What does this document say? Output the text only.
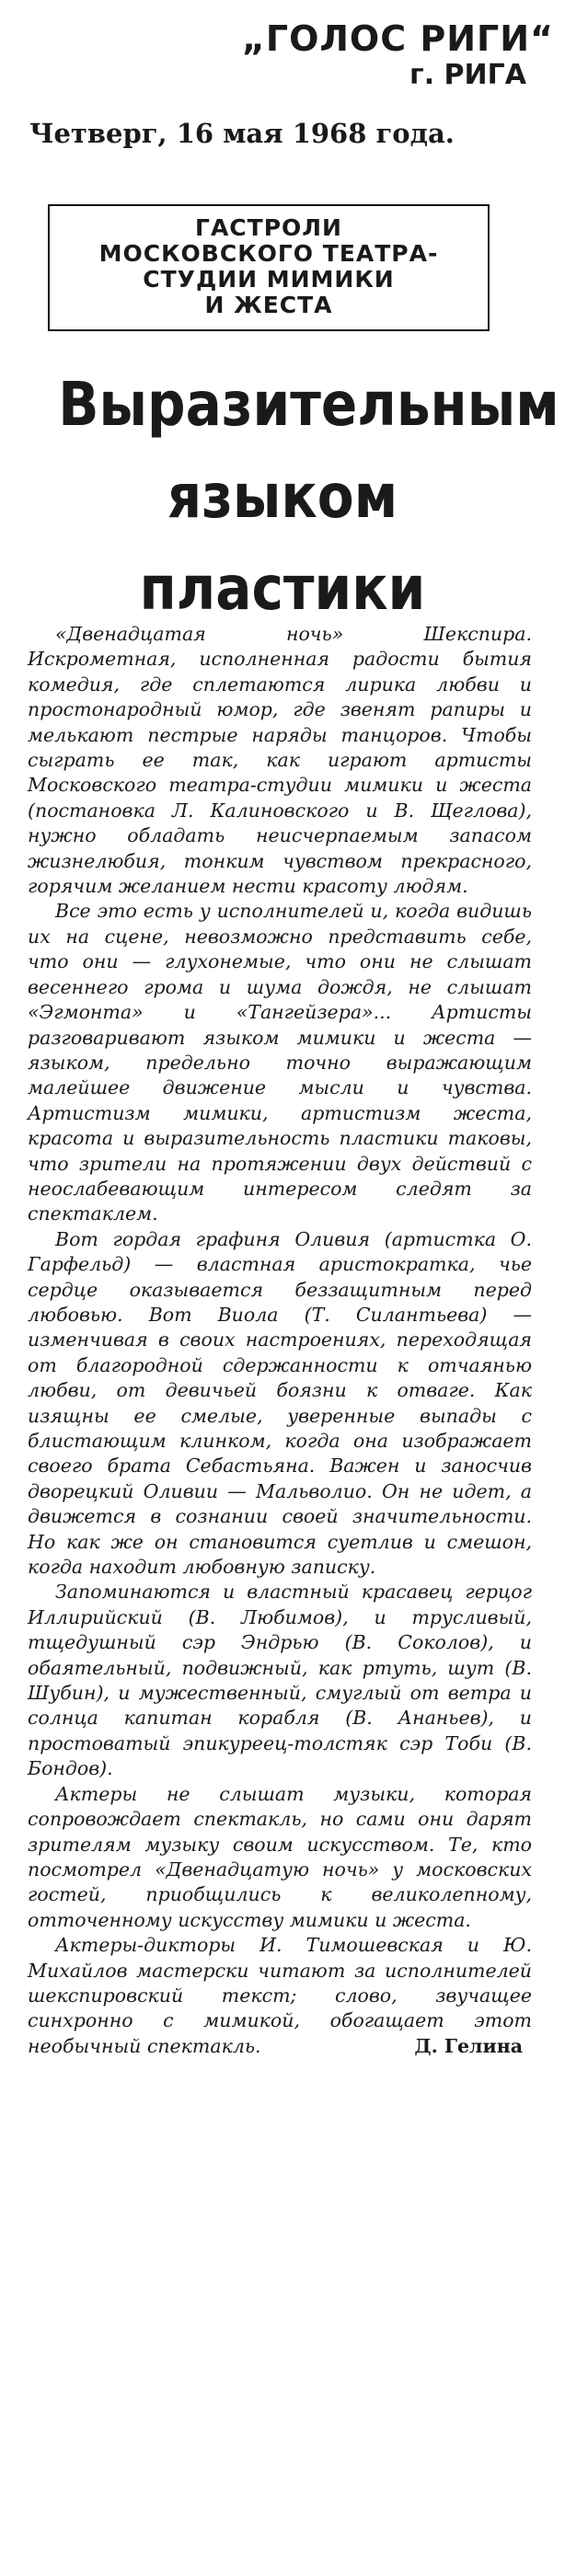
„ГОЛОС РИГИ“
г. РИГА
Четверг, 16 мая 1968 года.
ГАСТРОЛИ
МОСКОВСКОГО ТЕАТРА-
СТУДИИ МИМИКИ
И ЖЕСТА
Выразительным
языком
пластики

«Двенадцатая ночь» Шекспира. Искрометная, исполненная радости бытия комедия, где сплетаются лирика любви и простонародный юмор, где звенят рапиры и мелькают пестрые наряды танцоров. Чтобы сыграть ее так, как играют артисты Московского театра-студии мимики и жеста (постановка Л. Калиновского и В. Щеглова), нужно обладать неисчерпаемым запасом жизнелюбия, тонким чувством прекрасного, горячим желанием нести красоту людям.

Все это есть у исполнителей и, когда видишь их на сцене, невозможно представить себе, что они — глухонемые, что они не слышат весеннего грома и шума дождя, не слышат «Эгмонта» и «Тангейзера»... Артисты разговаривают языком мимики и жеста — языком, предельно точно выражающим малейшее движение мысли и чувства. Артистизм мимики, артистизм жеста, красота и выразительность пластики таковы, что зрители на протяжении двух действий с неослабевающим интересом следят за спектаклем.

Вот гордая графиня Оливия (артистка О. Гарфельд) — властная аристократка, чье сердце оказывается беззащитным перед любовью. Вот Виола (Т. Силантьева) — изменчивая в своих настроениях, переходящая от благородной сдержанности к отчаянью любви, от девичьей боязни к отваге. Как изящны ее смелые, уверенные выпады с блистающим клинком, когда она изображает своего брата Себастьяна. Важен и заносчив дворецкий Оливии — Мальволио. Он не идет, а движется в сознании своей значительности. Но как же он становится суетлив и смешон, когда находит любовную записку.

Запоминаются и властный красавец герцог Иллирийский (В. Любимов), и трусливый, тщедушный сэр Эндрью (В. Соколов), и обаятельный, подвижный, как ртуть, шут (В. Шубин), и мужественный, смуглый от ветра и солнца капитан корабля (В. Ананьев), и простоватый эпикуреец-толстяк сэр Тоби (В. Бондов).

Актеры не слышат музыки, которая сопровождает спектакль, но сами они дарят зрителям музыку своим искусством. Те, кто посмотрел «Двенадцатую ночь» у московских гостей, приобщились к великолепному, отточенному искусству мимики и жеста.

Актеры-дикторы И. Тимошевская и Ю. Михайлов мастерски читают за исполнителей шекспировский текст; слово, звучащее синхронно с мимикой, обогащает этот необычный спектакль.	Д. Гелина
